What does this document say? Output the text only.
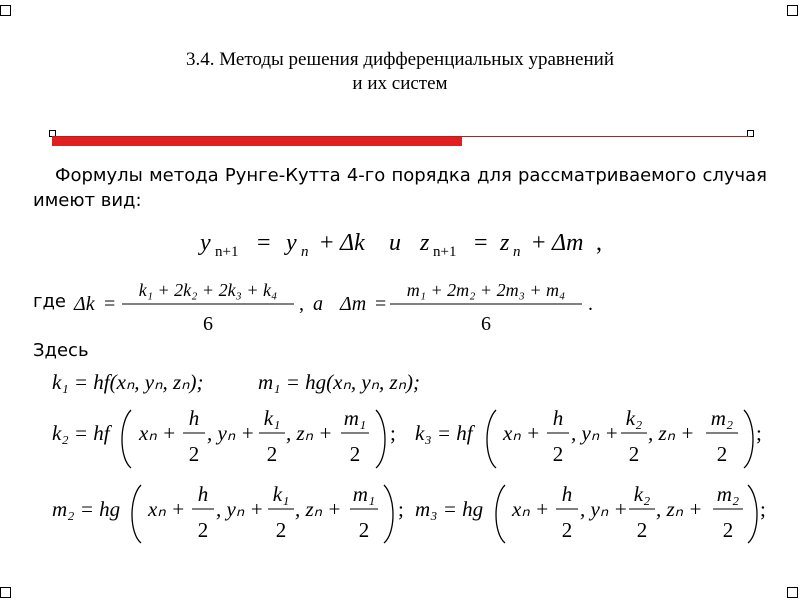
3.4. Методы решения дифференциальных уравнений
и их систем
Формулы метода Рунге-Кутта 4-го порядка для рассматриваемого случая имеют вид:
где
Здесь
y n+1 = y n + Δk и z n+1 = z n + Δm ,
Δk =
k₁ + 2k₂ + 2k₃ + k₄
6
, а Δm =
m₁ + 2m₂ + 2m₃ + m₄
6
.
k₁ = hf(xₙ, yₙ, zₙ);	m₁ = hg(xₙ, yₙ, zₙ);
k₂ = hf xₙ +
h
2
, yₙ +
k₁
2
, zₙ +
m₁
2
; k₃ = hf xₙ +
h
2
, yₙ +
k₂
2
, zₙ +
m₂
2
;
m₂ = hg xₙ +
h
2
, yₙ +
k₁
2
, zₙ +
m₁
2
; m₃ = hg xₙ +
h
2
, yₙ +
k₂
2
, zₙ +
m₂
2
;
